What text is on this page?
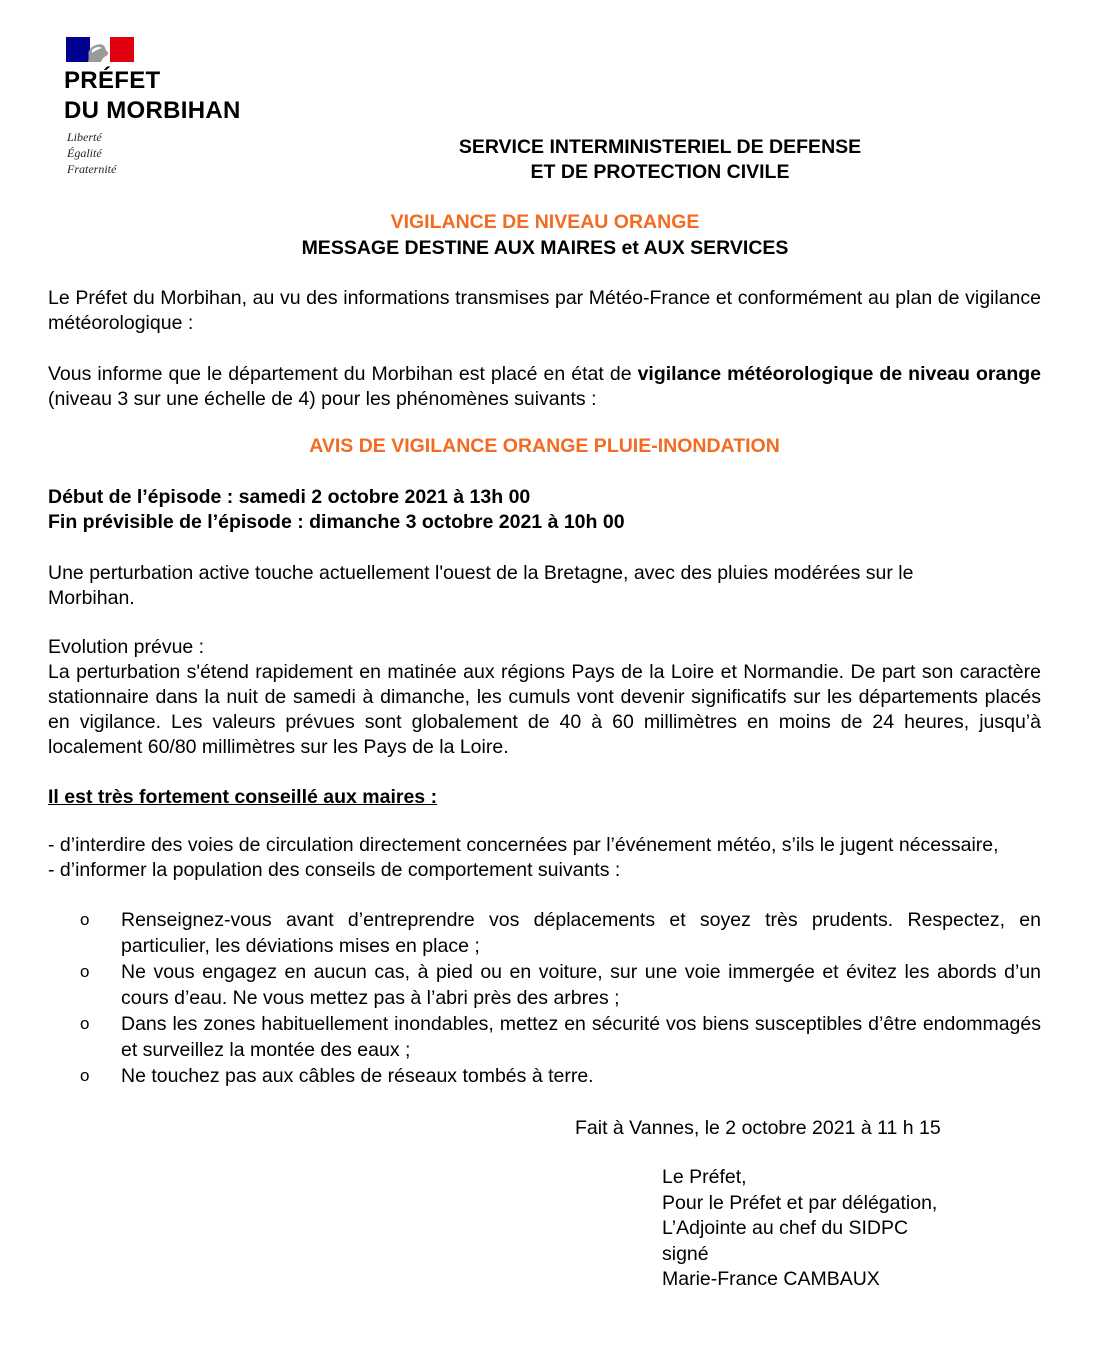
PRÉFET
DU MORBIHAN
Liberté
Égalité
Fraternité
SERVICE INTERMINISTERIEL DE DEFENSE
ET DE PROTECTION CIVILE
VIGILANCE DE NIVEAU ORANGE
MESSAGE DESTINE AUX MAIRES et AUX SERVICES
Le Préfet du Morbihan, au vu des informations transmises par Météo-France et conformément au plan de vigilance météorologique :
Vous informe que le département du Morbihan est placé en état de vigilance météorologique de niveau orange (niveau 3 sur une échelle de 4) pour les phénomènes suivants :
AVIS DE VIGILANCE ORANGE PLUIE-INONDATION
Début de l’épisode : samedi 2 octobre 2021 à 13h 00
Fin prévisible de l’épisode : dimanche 3 octobre 2021 à 10h 00
Une perturbation active touche actuellement l'ouest de la Bretagne, avec des pluies modérées sur le Morbihan.
Evolution prévue :
La perturbation s'étend rapidement en matinée aux régions Pays de la Loire et Normandie. De part son caractère stationnaire dans la nuit de samedi à dimanche, les cumuls vont devenir significatifs sur les départements placés en vigilance. Les valeurs prévues sont globalement de 40 à 60 millimètres en moins de 24 heures, jusqu’à localement 60/80 millimètres sur les Pays de la Loire.
Il est très fortement conseillé aux maires :
- d’interdire des voies de circulation directement concernées par l’événement météo, s’ils le jugent nécessaire,
- d’informer la population des conseils de comportement suivants :
o Renseignez-vous avant d’entreprendre vos déplacements et soyez très prudents. Respectez, en particulier, les déviations mises en place ;
o Ne vous engagez en aucun cas, à pied ou en voiture, sur une voie immergée et évitez les abords d’un cours d’eau. Ne vous mettez pas à l’abri près des arbres ;
o Dans les zones habituellement inondables, mettez en sécurité vos biens susceptibles d’être endommagés et surveillez la montée des eaux ;
o Ne touchez pas aux câbles de réseaux tombés à terre.
Fait à Vannes, le 2 octobre 2021 à 11 h 15
Le Préfet,
Pour le Préfet et par délégation,
L’Adjointe au chef du SIDPC
signé
Marie-France CAMBAUX
